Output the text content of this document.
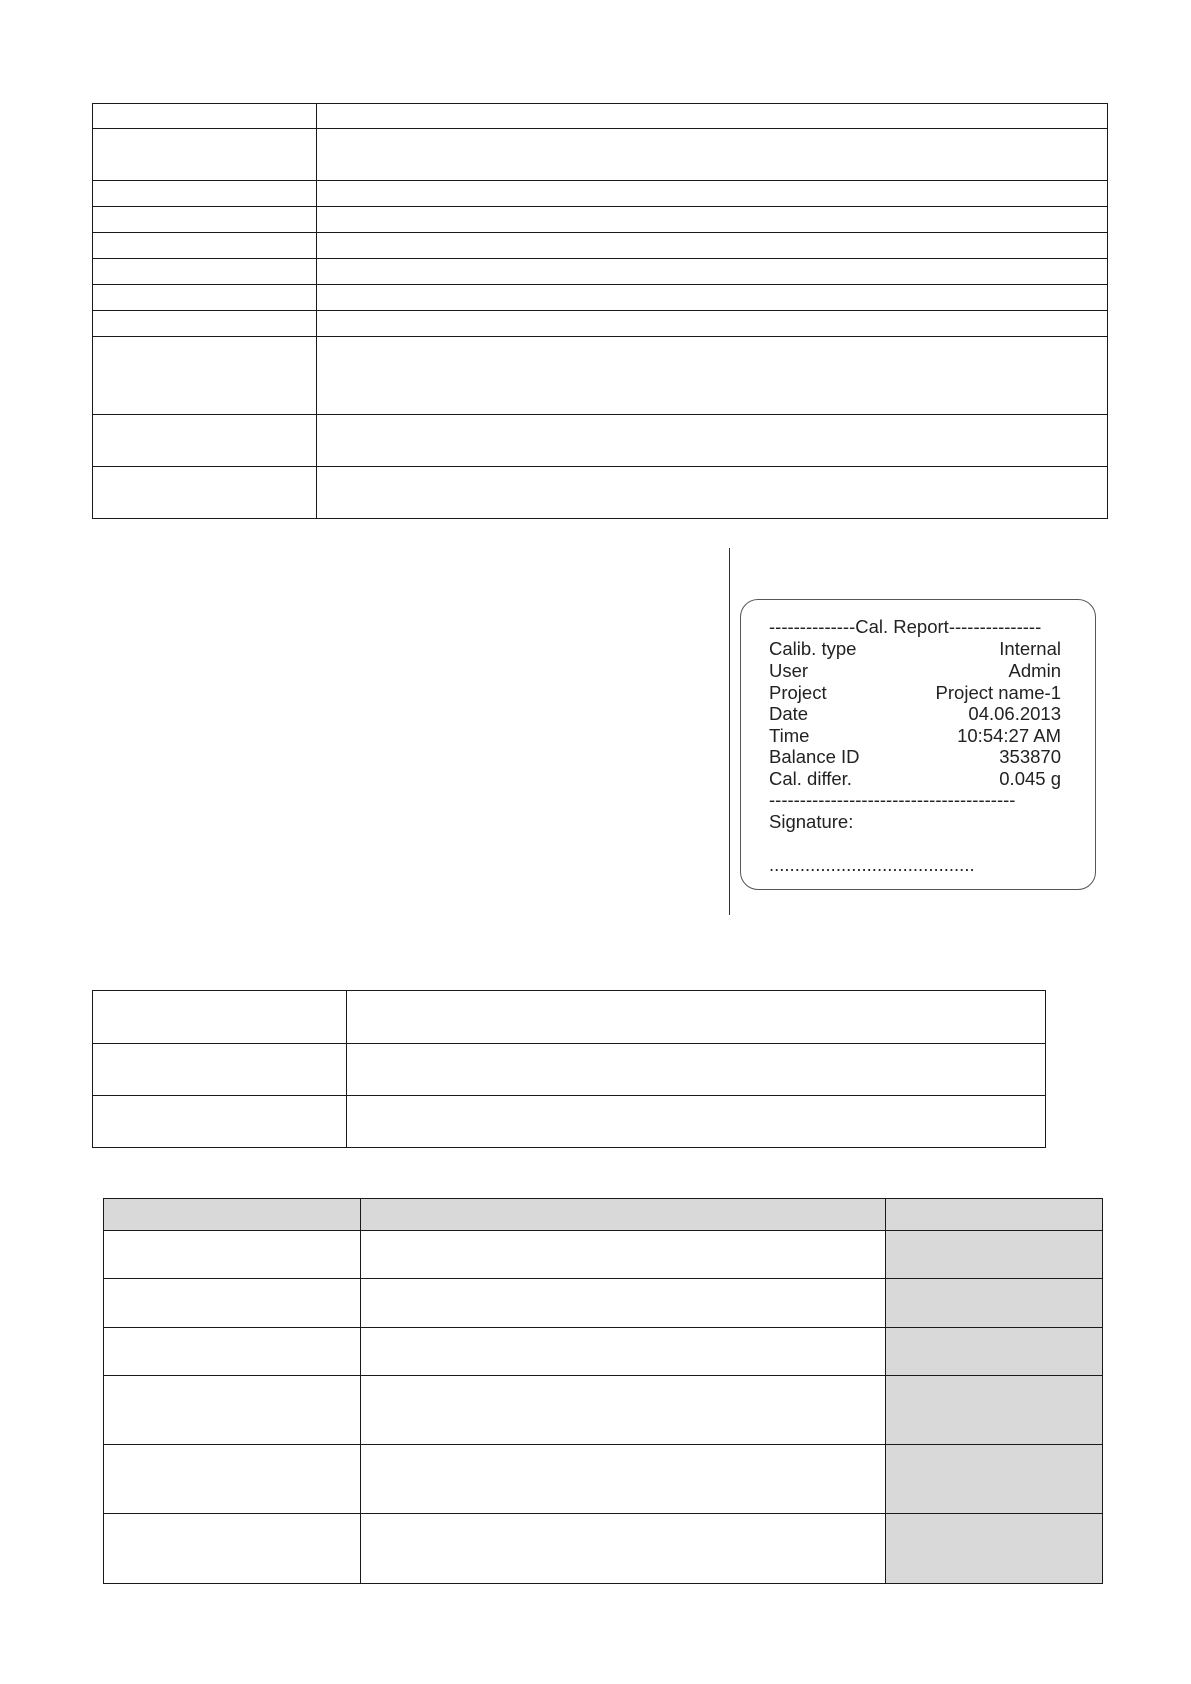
--------------Cal. Report---------------
Calib. type	Internal
User	Admin
Project	Project name-1
Date	04.06.2013
Time	10:54:27 AM
Balance ID	353870
Cal. differ.	0.045 g
----------------------------------------
Signature:
........................................
